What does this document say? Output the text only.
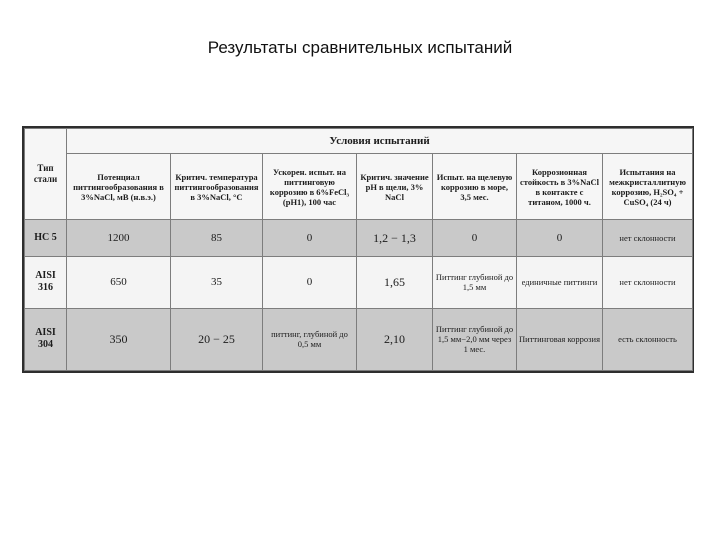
Результаты сравнительных испытаний
Тип стали	Условия испытаний						
	Потенциал питтингообразования в 3%NaCl, мВ (н.в.э.)	Критич. температура питтингообразования в 3%NaCl, °С	Ускорен. испыт. на питтинговую коррозию в 6%FeCl₃ (рН1), 100 час	Критич. значение рН в щели, 3% NaCl	Испыт. на щелевую коррозию в море, 3,5 мес.	Коррозионная стойкость в 3%NaCl в контакте с титаном, 1000 ч.	Испытания на межкристаллитную коррозию, H₂SO₄ + CuSO₄ (24 ч)
НС 5	1200	85	0	1,2 − 1,3	0	0	нет склонности
AISI 316	650	35	0	1,65	Питтинг глубиной до 1,5 мм	единичные питтинги	нет склонности
AISI 304	350	20 − 25	питтинг, глубиной до 0,5 мм	2,10	Питтинг глубиной до 1,5 мм−2,0 мм через 1 мес.	Питтинговая коррозия	есть склонность
